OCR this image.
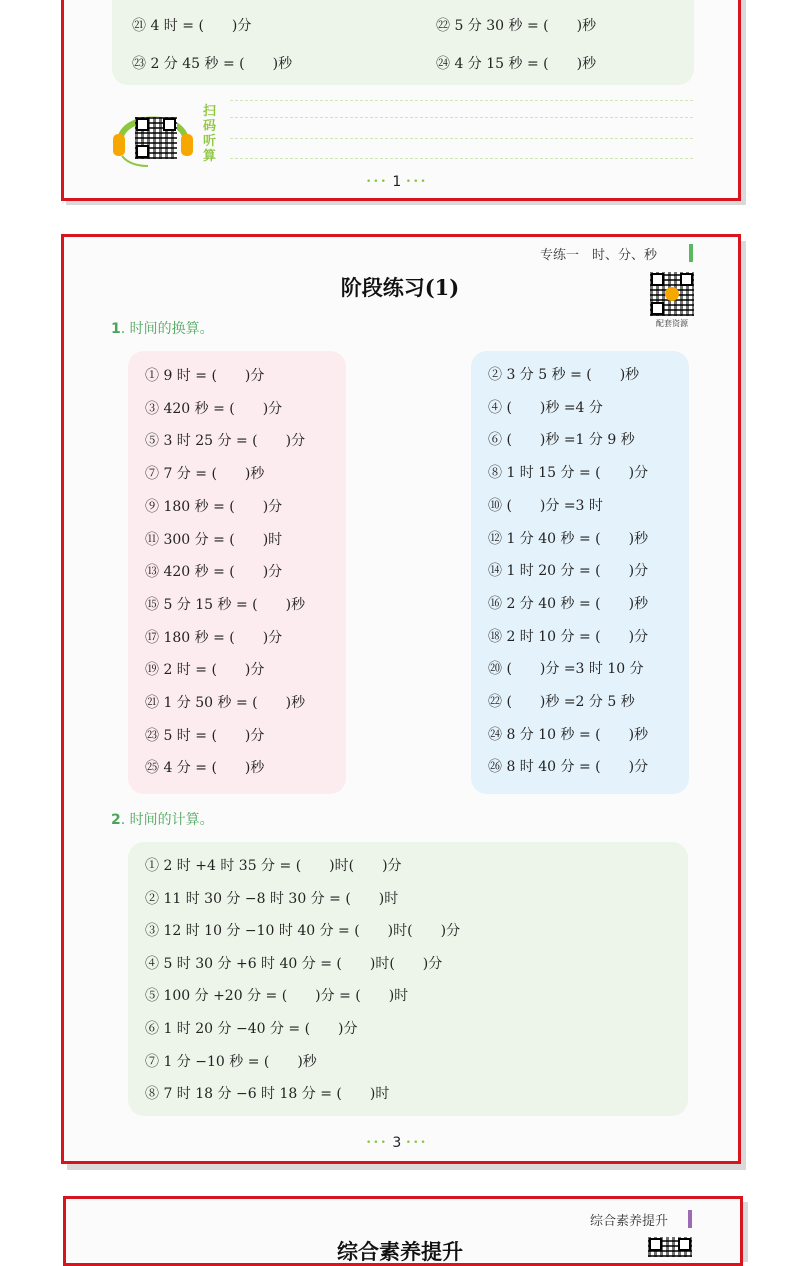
㉑ 4 时 = (　　)分	㉒ 5 分 30 秒 = (　　)秒
㉓ 2 分 45 秒 = (　　)秒	㉔ 4 分 15 秒 = (　　)秒
扫码听算
••• 1 •••
专练一　时、分、秒
阶段练习(1)
配套资源
1. 时间的换算。
① 9 时 = (　　)分
③ 420 秒 = (　　)分
⑤ 3 时 25 分 = (　　)分
⑦ 7 分 = (　　)秒
⑨ 180 秒 = (　　)分
⑪ 300 分 = (　　)时
⑬ 420 秒 = (　　)分
⑮ 5 分 15 秒 = (　　)秒
⑰ 180 秒 = (　　)分
⑲ 2 时 = (　　)分
㉑ 1 分 50 秒 = (　　)秒
㉓ 5 时 = (　　)分
㉕ 4 分 = (　　)秒
② 3 分 5 秒 = (　　)秒
④ (　　)秒 =4 分
⑥ (　　)秒 =1 分 9 秒
⑧ 1 时 15 分 = (　　)分
⑩ (　　)分 =3 时
⑫ 1 分 40 秒 = (　　)秒
⑭ 1 时 20 分 = (　　)分
⑯ 2 分 40 秒 = (　　)秒
⑱ 2 时 10 分 = (　　)分
⑳ (　　)分 =3 时 10 分
㉒ (　　)秒 =2 分 5 秒
㉔ 8 分 10 秒 = (　　)秒
㉖ 8 时 40 分 = (　　)分
2. 时间的计算。
① 2 时 +4 时 35 分 = (　　)时(　　)分
② 11 时 30 分 −8 时 30 分 = (　　)时
③ 12 时 10 分 −10 时 40 分 = (　　)时(　　)分
④ 5 时 30 分 +6 时 40 分 = (　　)时(　　)分
⑤ 100 分 +20 分 = (　　)分 = (　　)时
⑥ 1 时 20 分 −40 分 = (　　)分
⑦ 1 分 −10 秒 = (　　)秒
⑧ 7 时 18 分 −6 时 18 分 = (　　)时
••• 3 •••
综合素养提升
综合素养提升
